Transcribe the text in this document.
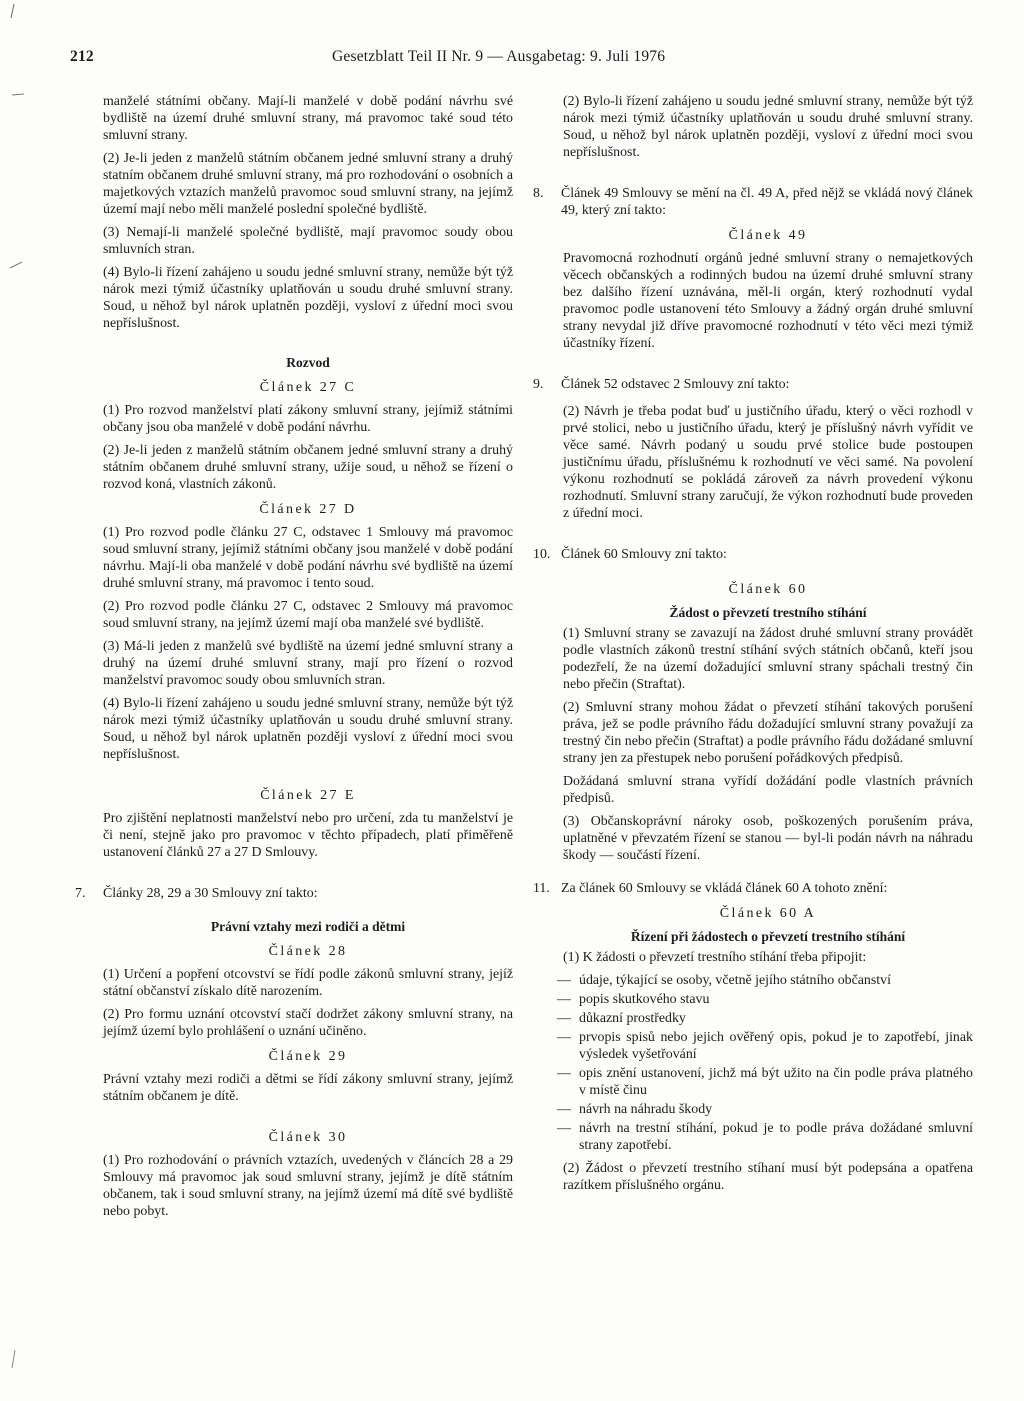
212	Gesetzblatt Teil II Nr. 9 — Ausgabetag: 9. Juli 1976

manželé státními občany. Mají-li manželé v době podání návrhu své bydliště na území druhé smluvní strany, má pravomoc také soud této smluvní strany.

(2) Je-li jeden z manželů státním občanem jedné smluvní strany a druhý statním občanem druhé smluvní strany, má pro rozhodování o osobních a majetkových vztazích manželů pravomoc soud smluvní strany, na jejímž území mají nebo měli manželé poslední společné bydliště.

(3) Nemají-li manželé společné bydliště, mají pravomoc soudy obou smluvních stran.

(4) Bylo-li řízení zahájeno u soudu jedné smluvní strany, nemůže být týž nárok mezi týmiž účastníky uplatňován u soudu druhé smluvní strany. Soud, u něhož byl nárok uplatněn později, vysloví z úřední moci svou nepříslušnost.

Rozvod
Článek 27 C

(1) Pro rozvod manželství platí zákony smluvní strany, jejímiž státními občany jsou oba manželé v době podání návrhu.

(2) Je-li jeden z manželů státním občanem jedné smluvní strany a druhý státním občanem druhé smluvní strany, užije soud, u něhož se řízení o rozvod koná, vlastních zákonů.

Článek 27 D

(1) Pro rozvod podle článku 27 C, odstavec 1 Smlouvy má pravomoc soud smluvní strany, jejímiž státními občany jsou manželé v době podání návrhu. Mají-li oba manželé v době podání návrhu své bydliště na území druhé smluvní strany, má pravomoc i tento soud.

(2) Pro rozvod podle článku 27 C, odstavec 2 Smlouvy má pravomoc soud smluvní strany, na jejímž území mají oba manželé své bydliště.

(3) Má-li jeden z manželů své bydliště na území jedné smluvní strany a druhý na území druhé smluvní strany, mají pro řízení o rozvod manželství pravomoc soudy obou smluvních stran.

(4) Bylo-li řízení zahájeno u soudu jedné smluvní strany, nemůže být týž nárok mezi týmiž účastníky uplatňován u soudu druhé smluvní strany. Soud, u něhož byl nárok uplatněn později vysloví z úřední moci svou nepříslušnost.

Článek 27 E

Pro zjištění neplatnosti manželství nebo pro určení, zda tu manželství je či není, stejně jako pro pravomoc v těchto případech, platí přiměřeně ustanovení článků 27 a 27 D Smlouvy.

7.	Články 28, 29 a 30 Smlouvy zní takto:
Právní vztahy mezi rodiči a dětmi
Článek 28

(1) Určení a popření otcovství se řídí podle zákonů smluvní strany, jejíž státní občanství získalo dítě narozením.

(2) Pro formu uznání otcovství stačí dodržet zákony smluvní strany, na jejímž území bylo prohlášení o uznání učiněno.

Článek 29

Právní vztahy mezi rodiči a dětmi se řídí zákony smluvní strany, jejímž státním občanem je dítě.

Článek 30

(1) Pro rozhodování o právních vztazích, uvedených v článcích 28 a 29 Smlouvy má pravomoc jak soud smluvní strany, jejímž je dítě státním občanem, tak i soud smluvní strany, na jejímž území má dítě své bydliště nebo pobyt.

(2) Bylo-li řízení zahájeno u soudu jedné smluvní strany, nemůže být týž nárok mezi týmiž účastníky uplatňován u soudu druhé smluvní strany. Soud, u něhož byl nárok uplatněn později, vysloví z úřední moci svou nepříslušnost.

8.	Článek 49 Smlouvy se mění na čl. 49 A, před nějž se vkládá nový článek 49, který zní takto:
Článek 49

Pravomocná rozhodnutí orgánů jedné smluvní strany o nemajetkových věcech občanských a rodinných budou na území druhé smluvní strany bez dalšího řízení uznávána, měl-li orgán, který rozhodnutí vydal pravomoc podle ustanovení této Smlouvy a žádný orgán druhé smluvní strany nevydal již dříve pravomocné rozhodnutí v této věci mezi týmiž účastníky řízení.

9.	Článek 52 odstavec 2 Smlouvy zní takto:

(2) Návrh je třeba podat buď u justičního úřadu, který o věci rozhodl v prvé stolici, nebo u justičního úřadu, který je příslušný návrh vyřídit ve věce samé. Návrh podaný u soudu prvé stolice bude postoupen justičnímu úřadu, příslušnému k rozhodnutí ve věci samé. Na povolení výkonu rozhodnutí se pokládá zároveň za návrh provedení výkonu rozhodnutí. Smluvní strany zaručují, že výkon rozhodnutí bude proveden z úřední moci.

10. Článek 60 Smlouvy zní takto:
Článek 60
Žádost o převzetí trestního stíhání

(1) Smluvní strany se zavazují na žádost druhé smluvní strany provádět podle vlastních zákonů trestní stíhání svých státních občanů, kteří jsou podezřelí, že na území dožadující smluvní strany spáchali trestný čin nebo přečin (Straftat).

(2) Smluvní strany mohou žádat o převzetí stíhání takových porušení práva, jež se podle právního řádu dožadující smluvní strany považují za trestný čin nebo přečin (Straftat) a podle právního řádu dožádané smluvní strany jen za přestupek nebo porušení pořádkových předpisů.

Dožádaná smluvní strana vyřídí dožádání podle vlastních právních předpisů.

(3) Občanskoprávní nároky osob, poškozených porušením práva, uplatněné v převzatém řízení se stanou — byl-li podán návrh na náhradu škody — součástí řízení.

11. Za článek 60 Smlouvy se vkládá článek 60 A tohoto znění:
Článek 60 A
Řízení při žádostech o převzetí trestního stíhání

(1) K žádosti o převzetí trestního stíhání třeba připojit:

— údaje, týkající se osoby, včetně jejího státního občanství
— popis skutkového stavu
— důkazní prostředky
— prvopis spisů nebo jejich ověřený opis, pokud je to zapotřebí, jinak výsledek vyšetřování
— opis znění ustanovení, jichž má být užito na čin podle práva platného v místě činu
— návrh na náhradu škody
— návrh na trestní stíhání, pokud je to podle práva dožádané smluvní strany zapotřebí.

(2) Žádost o převzetí trestního stíhaní musí být podepsána a opatřena razítkem příslušného orgánu.
